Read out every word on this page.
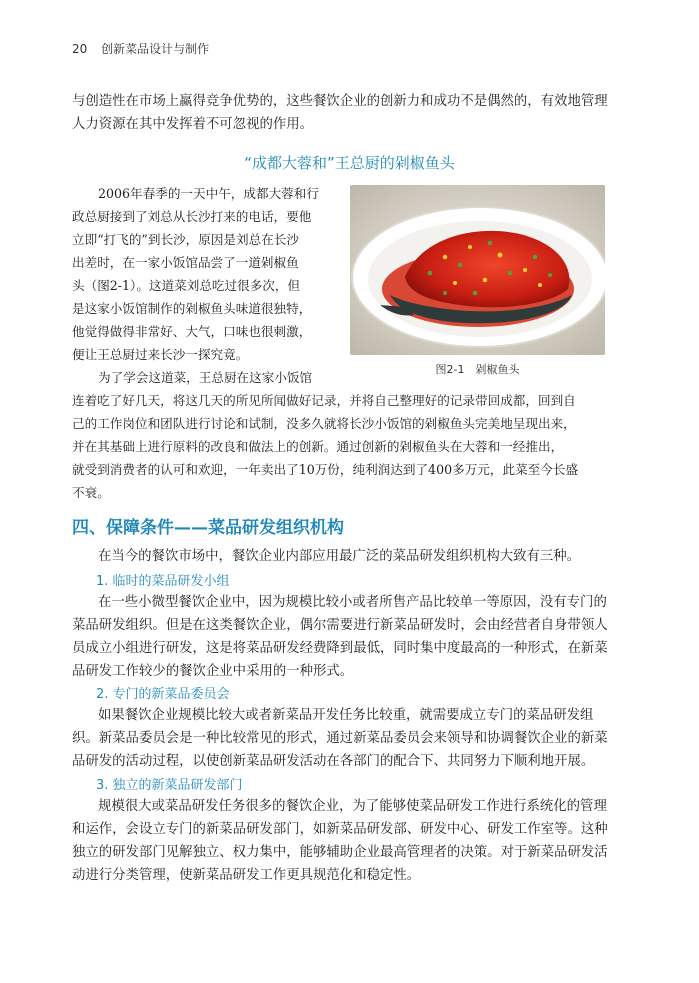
20 创新菜品设计与制作

与创造性在市场上赢得竞争优势的，这些餐饮企业的创新力和成功不是偶然的，有效地管理人力资源在其中发挥着不可忽视的作用。

“成都大蓉和”王总厨的剁椒鱼头
2006年春季的一天中午，成都大蓉和行
政总厨接到了刘总从长沙打来的电话，要他
立即“打飞的”到长沙，原因是刘总在长沙
出差时，在一家小饭馆品尝了一道剁椒鱼
头（图2-1）。这道菜刘总吃过很多次，但
是这家小饭馆制作的剁椒鱼头味道很独特，
他觉得做得非常好、大气，口味也很刺激，
便让王总厨过来长沙一探究竟。
图2-1　剁椒鱼头
为了学会这道菜，王总厨在这家小饭馆
连着吃了好几天，将这几天的所见所闻做好记录，并将自己整理好的记录带回成都，回到自
己的工作岗位和团队进行讨论和试制，没多久就将长沙小饭馆的剁椒鱼头完美地呈现出来，
并在其基础上进行原料的改良和做法上的创新。通过创新的剁椒鱼头在大蓉和一经推出，
就受到消费者的认可和欢迎，一年卖出了10万份，纯利润达到了400多万元，此菜至今长盛
不衰。
四、保障条件——菜品研发组织机构
在当今的餐饮市场中，餐饮企业内部应用最广泛的菜品研发组织机构大致有三种。
1. 临时的菜品研发小组
在一些小微型餐饮企业中，因为规模比较小或者所售产品比较单一等原因，没有专门的
菜品研发组织。但是在这类餐饮企业，偶尔需要进行新菜品研发时，会由经营者自身带领人
员成立小组进行研发，这是将菜品研发经费降到最低，同时集中度最高的一种形式，在新菜
品研发工作较少的餐饮企业中采用的一种形式。
2. 专门的新菜品委员会
如果餐饮企业规模比较大或者新菜品开发任务比较重，就需要成立专门的菜品研发组
织。新菜品委员会是一种比较常见的形式，通过新菜品委员会来领导和协调餐饮企业的新菜
品研发的活动过程，以使创新菜品研发活动在各部门的配合下、共同努力下顺利地开展。
3. 独立的新菜品研发部门
规模很大或菜品研发任务很多的餐饮企业，为了能够使菜品研发工作进行系统化的管理
和运作，会设立专门的新菜品研发部门，如新菜品研发部、研发中心、研发工作室等。这种
独立的研发部门见解独立、权力集中，能够辅助企业最高管理者的决策。对于新菜品研发活
动进行分类管理，使新菜品研发工作更具规范化和稳定性。
